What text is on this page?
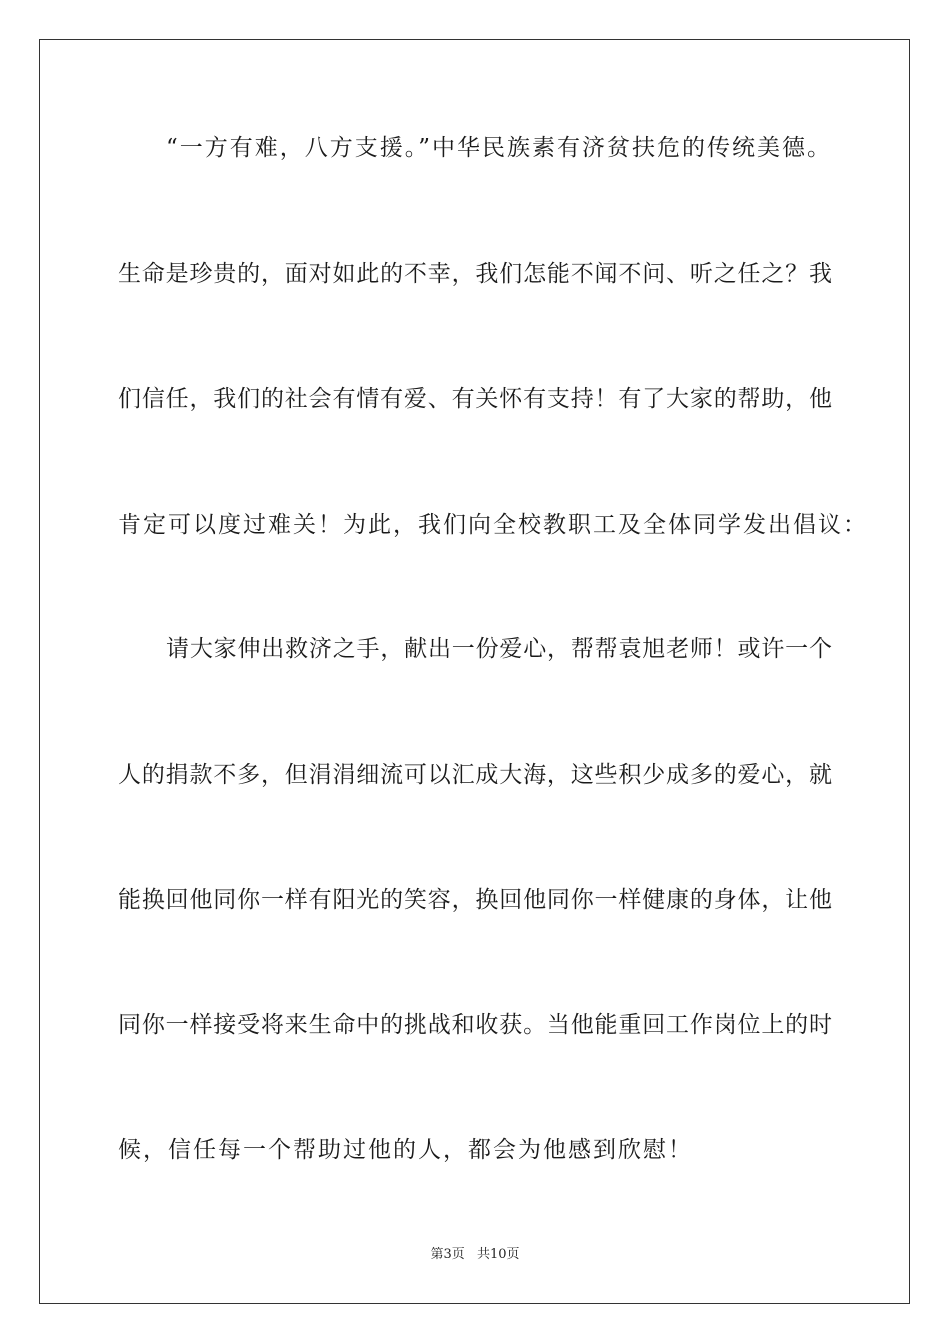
“一方有难，八方支援。”中华民族素有济贫扶危的传统美德。
生命是珍贵的，面对如此的不幸，我们怎能不闻不问、听之任之？我
们信任，我们的社会有情有爱、有关怀有支持！有了大家的帮助，他
肯定可以度过难关！为此，我们向全校教职工及全体同学发出倡议：
请大家伸出救济之手，献出一份爱心，帮帮袁旭老师！或许一个
人的捐款不多，但涓涓细流可以汇成大海，这些积少成多的爱心，就
能换回他同你一样有阳光的笑容，换回他同你一样健康的身体，让他
同你一样接受将来生命中的挑战和收获。当他能重回工作岗位上的时
候，信任每一个帮助过他的人，都会为他感到欣慰！
第3页 共10页
